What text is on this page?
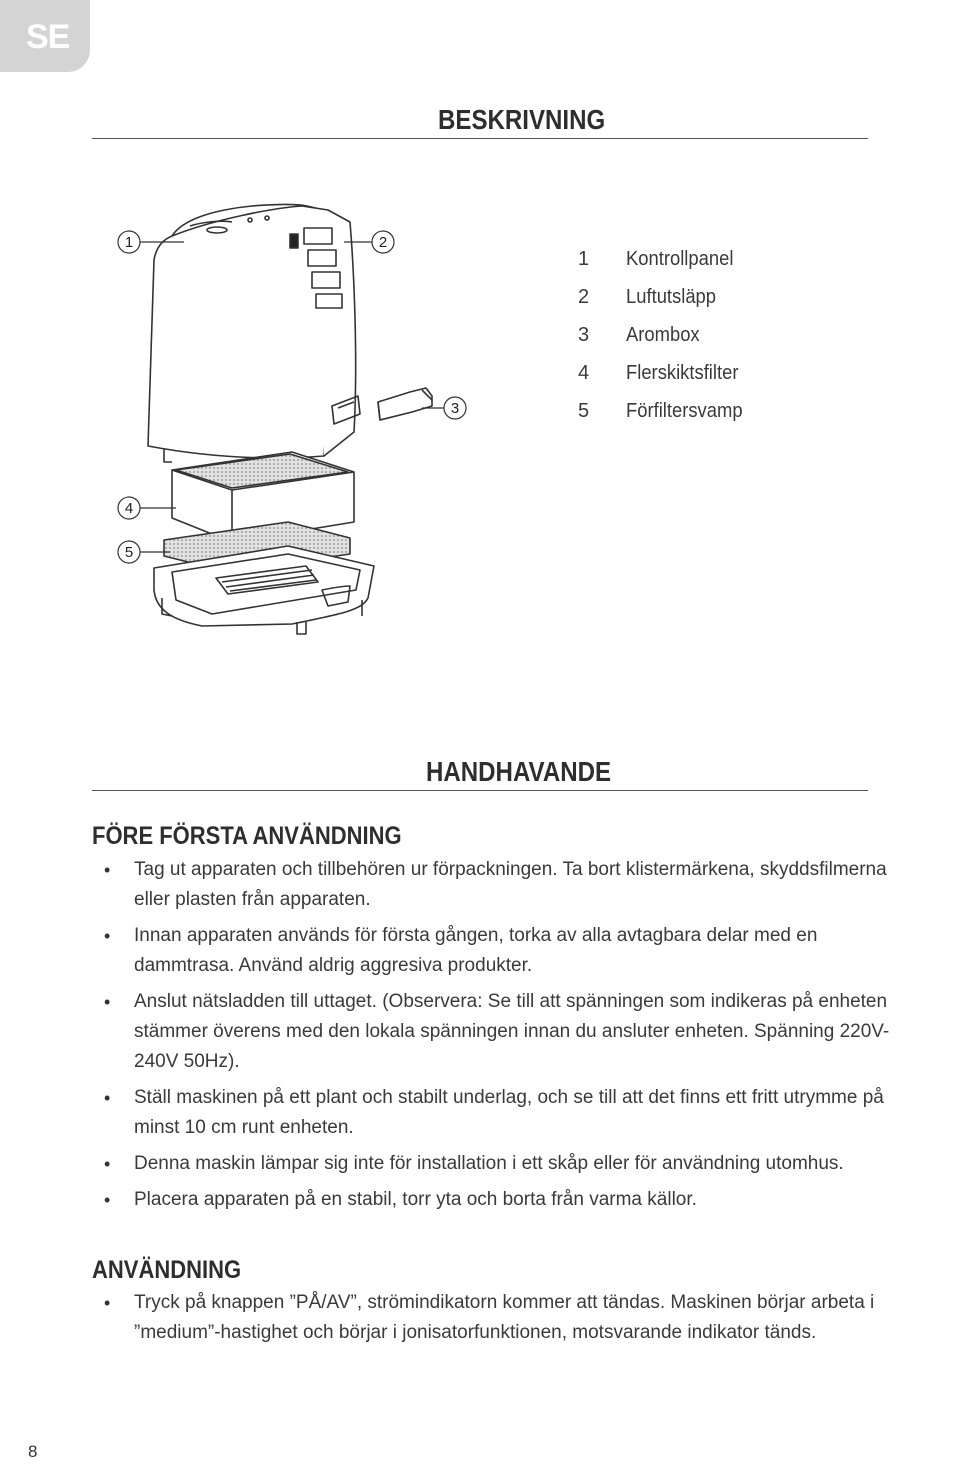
SE
BESKRIVNING
1	2
3
4
5
1	Kontrollpanel
2	Luftutsläpp
3	Arombox
4	Flerskiktsfilter
5	Förfiltersvamp
HANDHAVANDE
FÖRE FÖRSTA ANVÄNDNING
• Tag ut apparaten och tillbehören ur förpackningen. Ta bort klistermärkena, skyddsfilmerna eller plasten från apparaten.
• Innan apparaten används för första gången, torka av alla avtagbara delar med en dammtrasa. Använd aldrig aggresiva produkter.
• Anslut nätsladden till uttaget. (Observera: Se till att spänningen som indikeras på enheten stämmer överens med den lokala spänningen innan du ansluter enheten. Spänning 220V-240V 50Hz).
• Ställ maskinen på ett plant och stabilt underlag, och se till att det finns ett fritt utrymme på minst 10 cm runt enheten.
• Denna maskin lämpar sig inte för installation i ett skåp eller för användning utomhus.
• Placera apparaten på en stabil, torr yta och borta från varma källor.
ANVÄNDNING
• Tryck på knappen ”PÅ/AV”, strömindikatorn kommer att tändas. Maskinen börjar arbeta i ”medium”-hastighet och börjar i jonisatorfunktionen, motsvarande indikator tänds.
8
